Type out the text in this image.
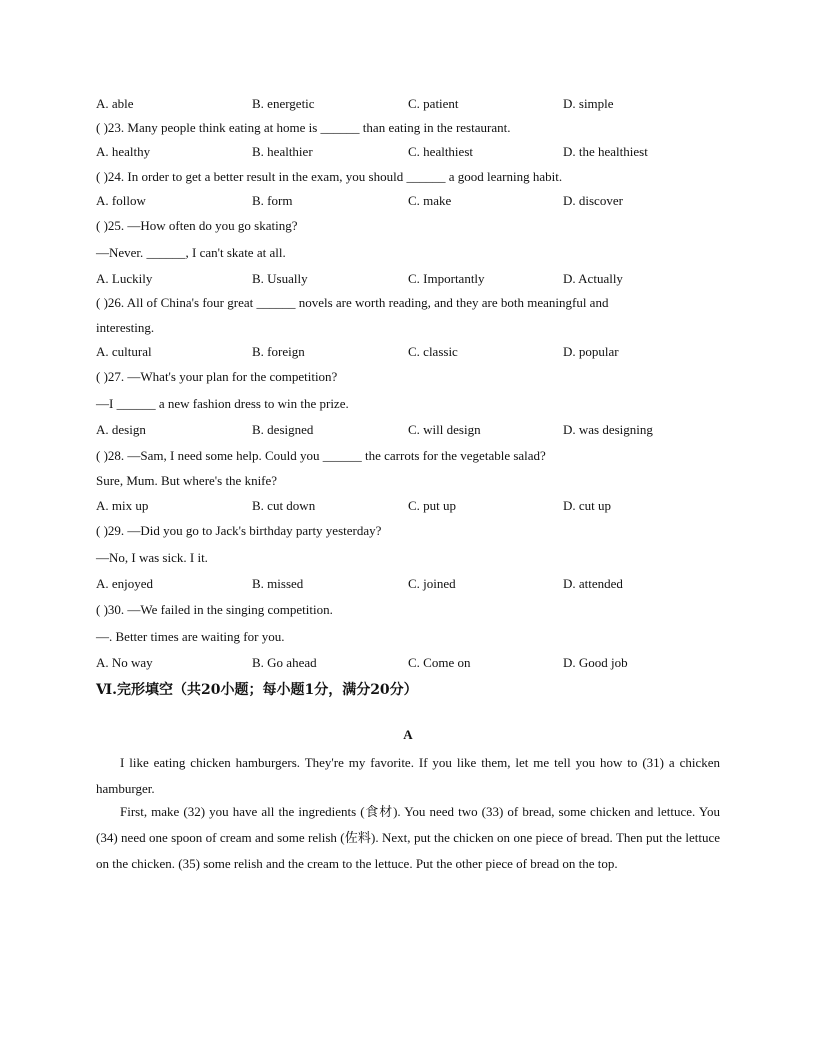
A. able	B. energetic	C. patient	D. simple
( )23. Many people think eating at home is ______ than eating in the restaurant.
A. healthy	B. healthier	C. healthiest	D. the healthiest
( )24. In order to get a better result in the exam, you should ______ a good learning habit.
A. follow	B. form	C. make	D. discover
( )25. —How often do you go skating?
—Never. ______, I can't skate at all.
A. Luckily	B. Usually	C. Importantly	D. Actually
( )26. All of China's four great ______ novels are worth reading, and they are both meaningful and
interesting.
A. cultural	B. foreign	C. classic	D. popular
( )27. —What's your plan for the competition?
—I ______ a new fashion dress to win the prize.
A. design	B. designed	C. will design	D. was designing
( )28. —Sam, I need some help. Could you ______ the carrots for the vegetable salad?
Sure, Mum. But where's the knife?
A. mix up	B. cut down	C. put up	D. cut up
( )29. —Did you go to Jack's birthday party yesterday?
—No, I was sick. I it.
A. enjoyed	B. missed	C. joined	D. attended
( )30. —We failed in the singing competition.
—. Better times are waiting for you.
A. No way	B. Go ahead	C. Come on	D. Good job
Ⅵ.完形填空（共20小题；每小题1分，满分20分）
A
I like eating chicken hamburgers. They're my favorite. If you like them, let me tell you how to (31) a chicken hamburger.
First, make (32) you have all the ingredients (食材). You need two (33) of bread, some chicken and lettuce. You (34) need one spoon of cream and some relish (佐料). Next, put the chicken on one piece of bread. Then put the lettuce on the chicken. (35) some relish and the cream to the lettuce. Put the other piece of bread on the top.
